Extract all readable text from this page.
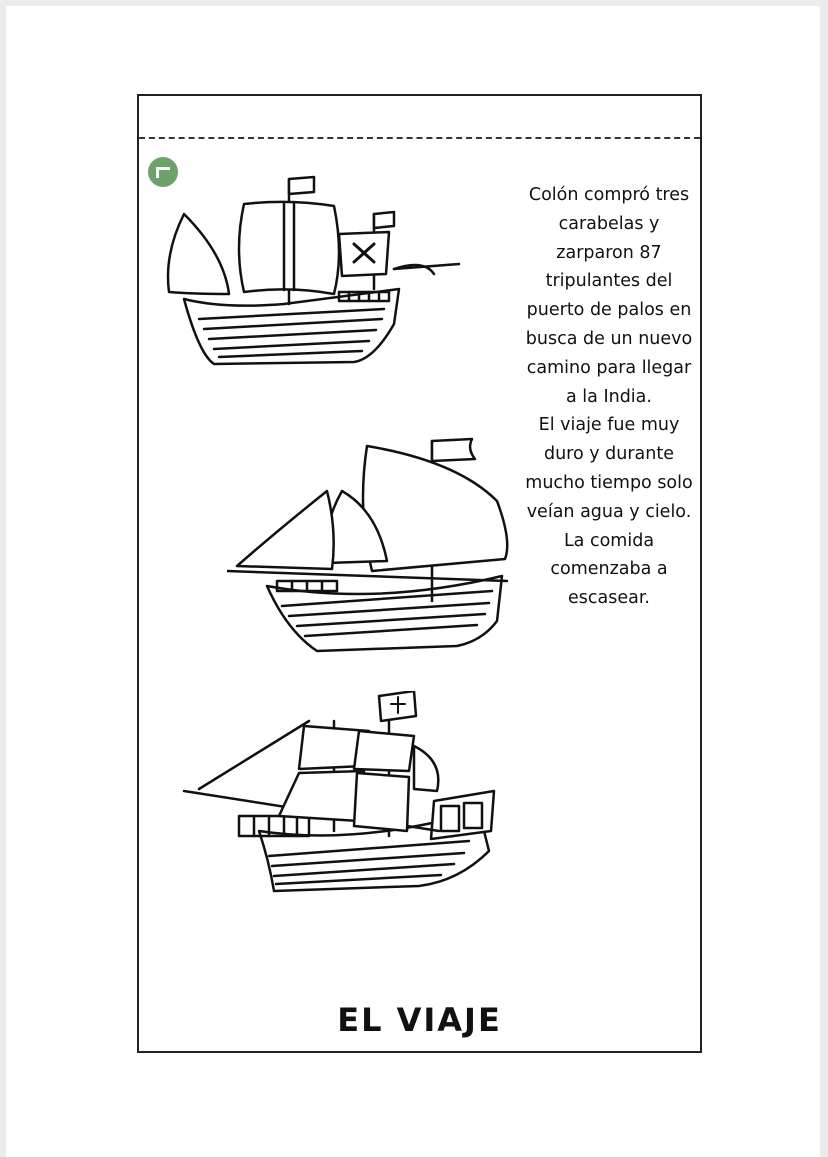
Colón compró tres carabelas y zarparon 87 tripulantes del puerto de palos en busca de un nuevo camino para llegar a la India.

El viaje fue muy duro y durante mucho tiempo solo veían agua y cielo. La comida comenzaba a escasear.

EL VIAJE
